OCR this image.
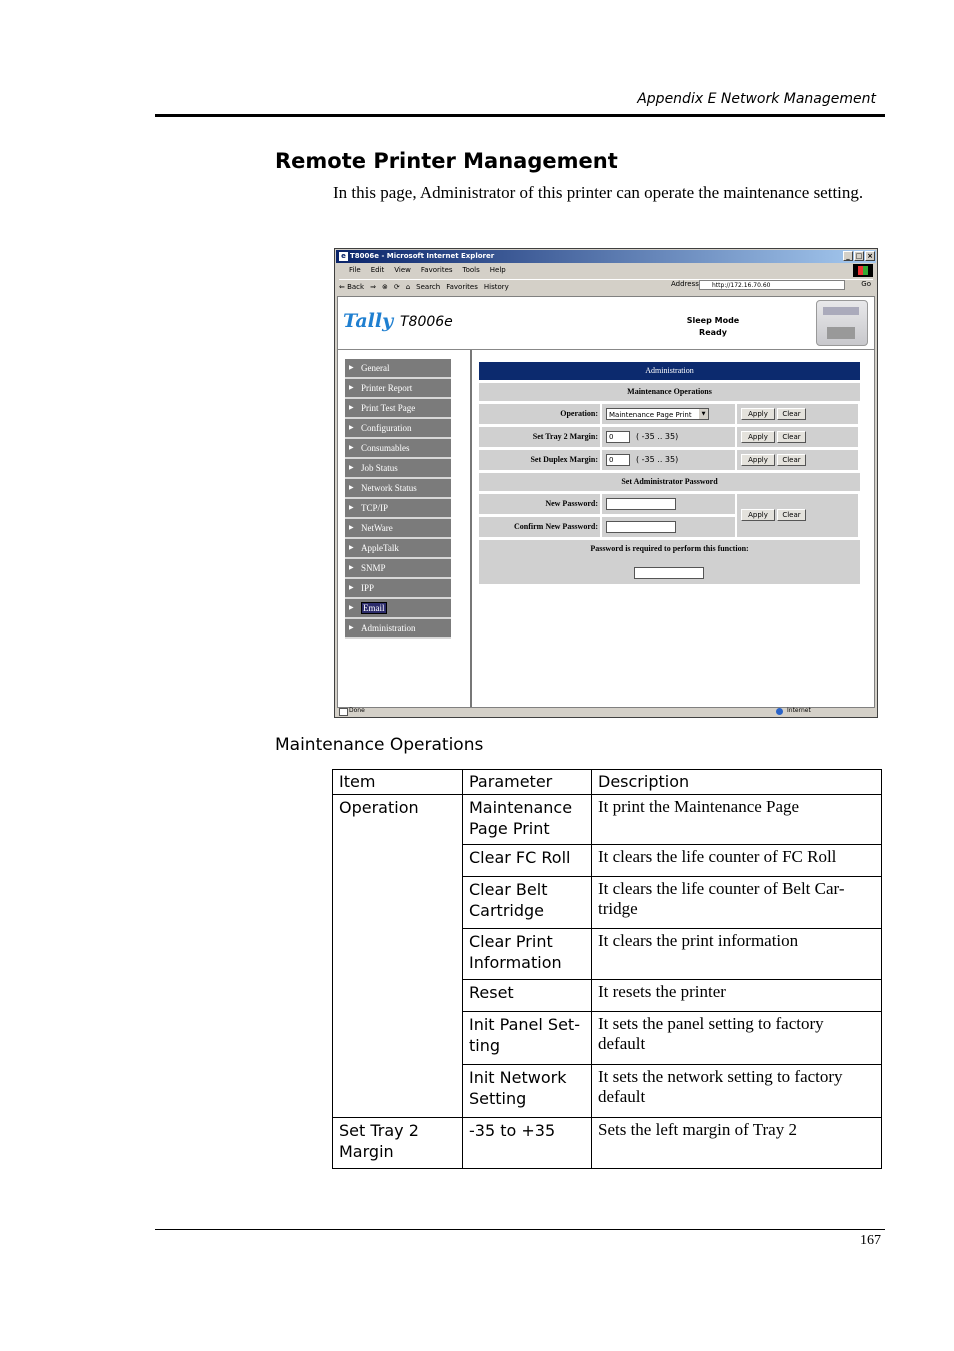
Appendix E Network Management
Remote Printer Management
In this page, Administrator of this printer can operate the maintenance setting.
e T8006e - Microsoft Internet Explorer	_ □ ×
File Edit View Favorites Tools Help
⇐ Back ⇒ ⊗ ⟳ ⌂ Search Favorites History	Address	http://172.16.70.60	Go
Tally T8006e	Sleep Mode
Ready
▶ General
▶ Printer Report
▶ Print Test Page
▶ Configuration
▶ Consumables
▶ Job Status
▶ Network Status
▶ TCP/IP
▶ NetWare
▶ AppleTalk
▶ SNMP
▶ IPP
▶ Email
▶ Administration
Administration
Maintenance Operations
Operation:	Maintenance Page Print	▼	Apply	Clear
Set Tray 2 Margin:	0	( -35 .. 35)	Apply	Clear
Set Duplex Margin:	0	( -35 .. 35)	Apply	Clear
Set Administrator Password
New Password:
Confirm New Password:
Apply	Clear
Password is required to perform this function:
Done	Internet
Maintenance Operations
Item	Parameter	Description
Operation	Maintenance Page Print	It print the Maintenance Page
	Clear FC Roll	It clears the life counter of FC Roll
	Clear Belt Cartridge	It clears the life counter of Belt Car- tridge
	Clear Print Information	It clears the print information
	Reset	It resets the printer
	Init Panel Set- ting	It sets the panel setting to factory default
	Init Network Setting	It sets the network setting to factory default
Set Tray 2 Margin	-35 to +35	Sets the left margin of Tray 2
167
